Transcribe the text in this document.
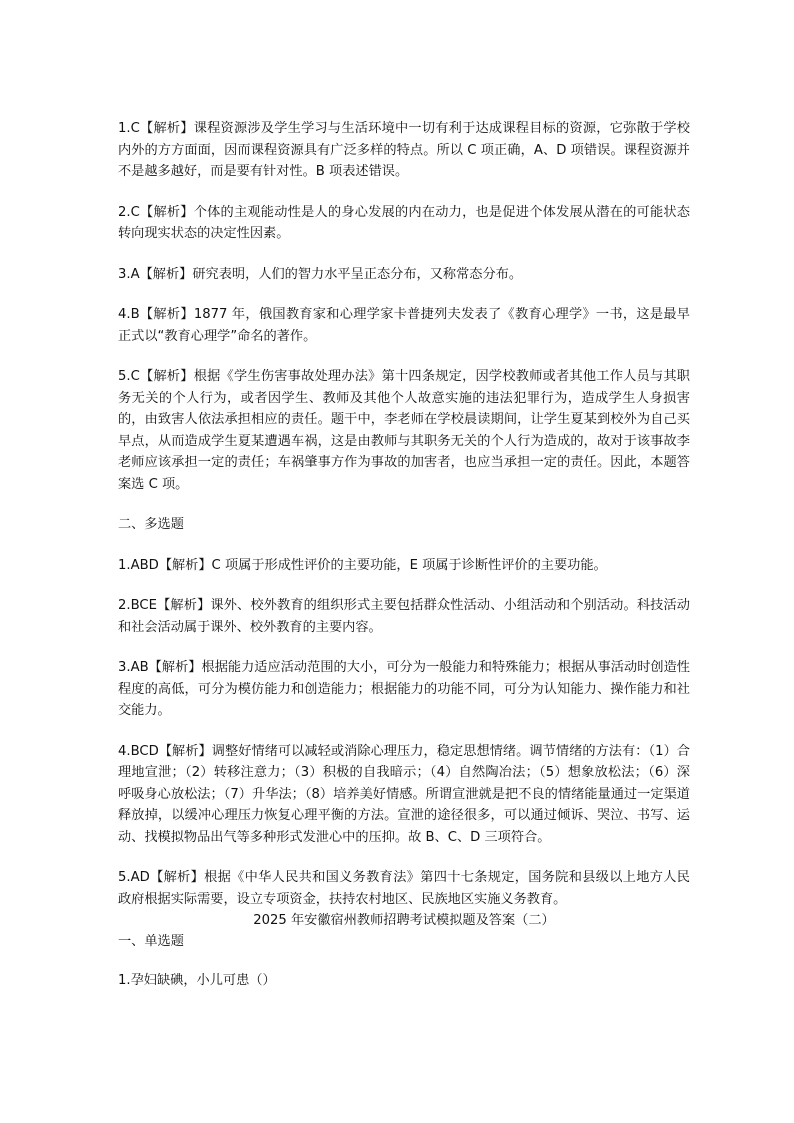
1.C【解析】课程资源涉及学生学习与生活环境中一切有利于达成课程目标的资源，它弥散于学校内外的方方面面，因而课程资源具有广泛多样的特点。所以 C 项正确，A、D 项错误。课程资源并不是越多越好，而是要有针对性。B 项表述错误。

2.C【解析】个体的主观能动性是人的身心发展的内在动力，也是促进个体发展从潜在的可能状态转向现实状态的决定性因素。

3.A【解析】研究表明，人们的智力水平呈正态分布，又称常态分布。

4.B【解析】1877 年，俄国教育家和心理学家卡普捷列夫发表了《教育心理学》一书，这是最早正式以“教育心理学”命名的著作。

5.C【解析】根据《学生伤害事故处理办法》第十四条规定，因学校教师或者其他工作人员与其职务无关的个人行为，或者因学生、教师及其他个人故意实施的违法犯罪行为，造成学生人身损害的，由致害人依法承担相应的责任。题干中，李老师在学校晨读期间，让学生夏某到校外为自己买早点，从而造成学生夏某遭遇车祸，这是由教师与其职务无关的个人行为造成的，故对于该事故李老师应该承担一定的责任；车祸肇事方作为事故的加害者，也应当承担一定的责任。因此，本题答案选 C 项。

二、多选题

1.ABD【解析】C 项属于形成性评价的主要功能，E 项属于诊断性评价的主要功能。

2.BCE【解析】课外、校外教育的组织形式主要包括群众性活动、小组活动和个别活动。科技活动和社会活动属于课外、校外教育的主要内容。

3.AB【解析】根据能力适应活动范围的大小，可分为一般能力和特殊能力；根据从事活动时创造性程度的高低，可分为模仿能力和创造能力；根据能力的功能不同，可分为认知能力、操作能力和社交能力。

4.BCD【解析】调整好情绪可以减轻或消除心理压力，稳定思想情绪。调节情绪的方法有：（1）合理地宣泄；（2）转移注意力；（3）积极的自我暗示；（4）自然陶冶法；（5）想象放松法；（6）深呼吸身心放松法；（7）升华法；（8）培养美好情感。所谓宣泄就是把不良的情绪能量通过一定渠道释放掉，以缓冲心理压力恢复心理平衡的方法。宣泄的途径很多，可以通过倾诉、哭泣、书写、运动、找模拟物品出气等多种形式发泄心中的压抑。故 B、C、D 三项符合。

5.AD【解析】根据《中华人民共和国义务教育法》第四十七条规定，国务院和县级以上地方人民政府根据实际需要，设立专项资金，扶持农村地区、民族地区实施义务教育。

2025 年安徽宿州教师招聘考试模拟题及答案（二）

一、单选题

1.孕妇缺碘，小儿可患（）
